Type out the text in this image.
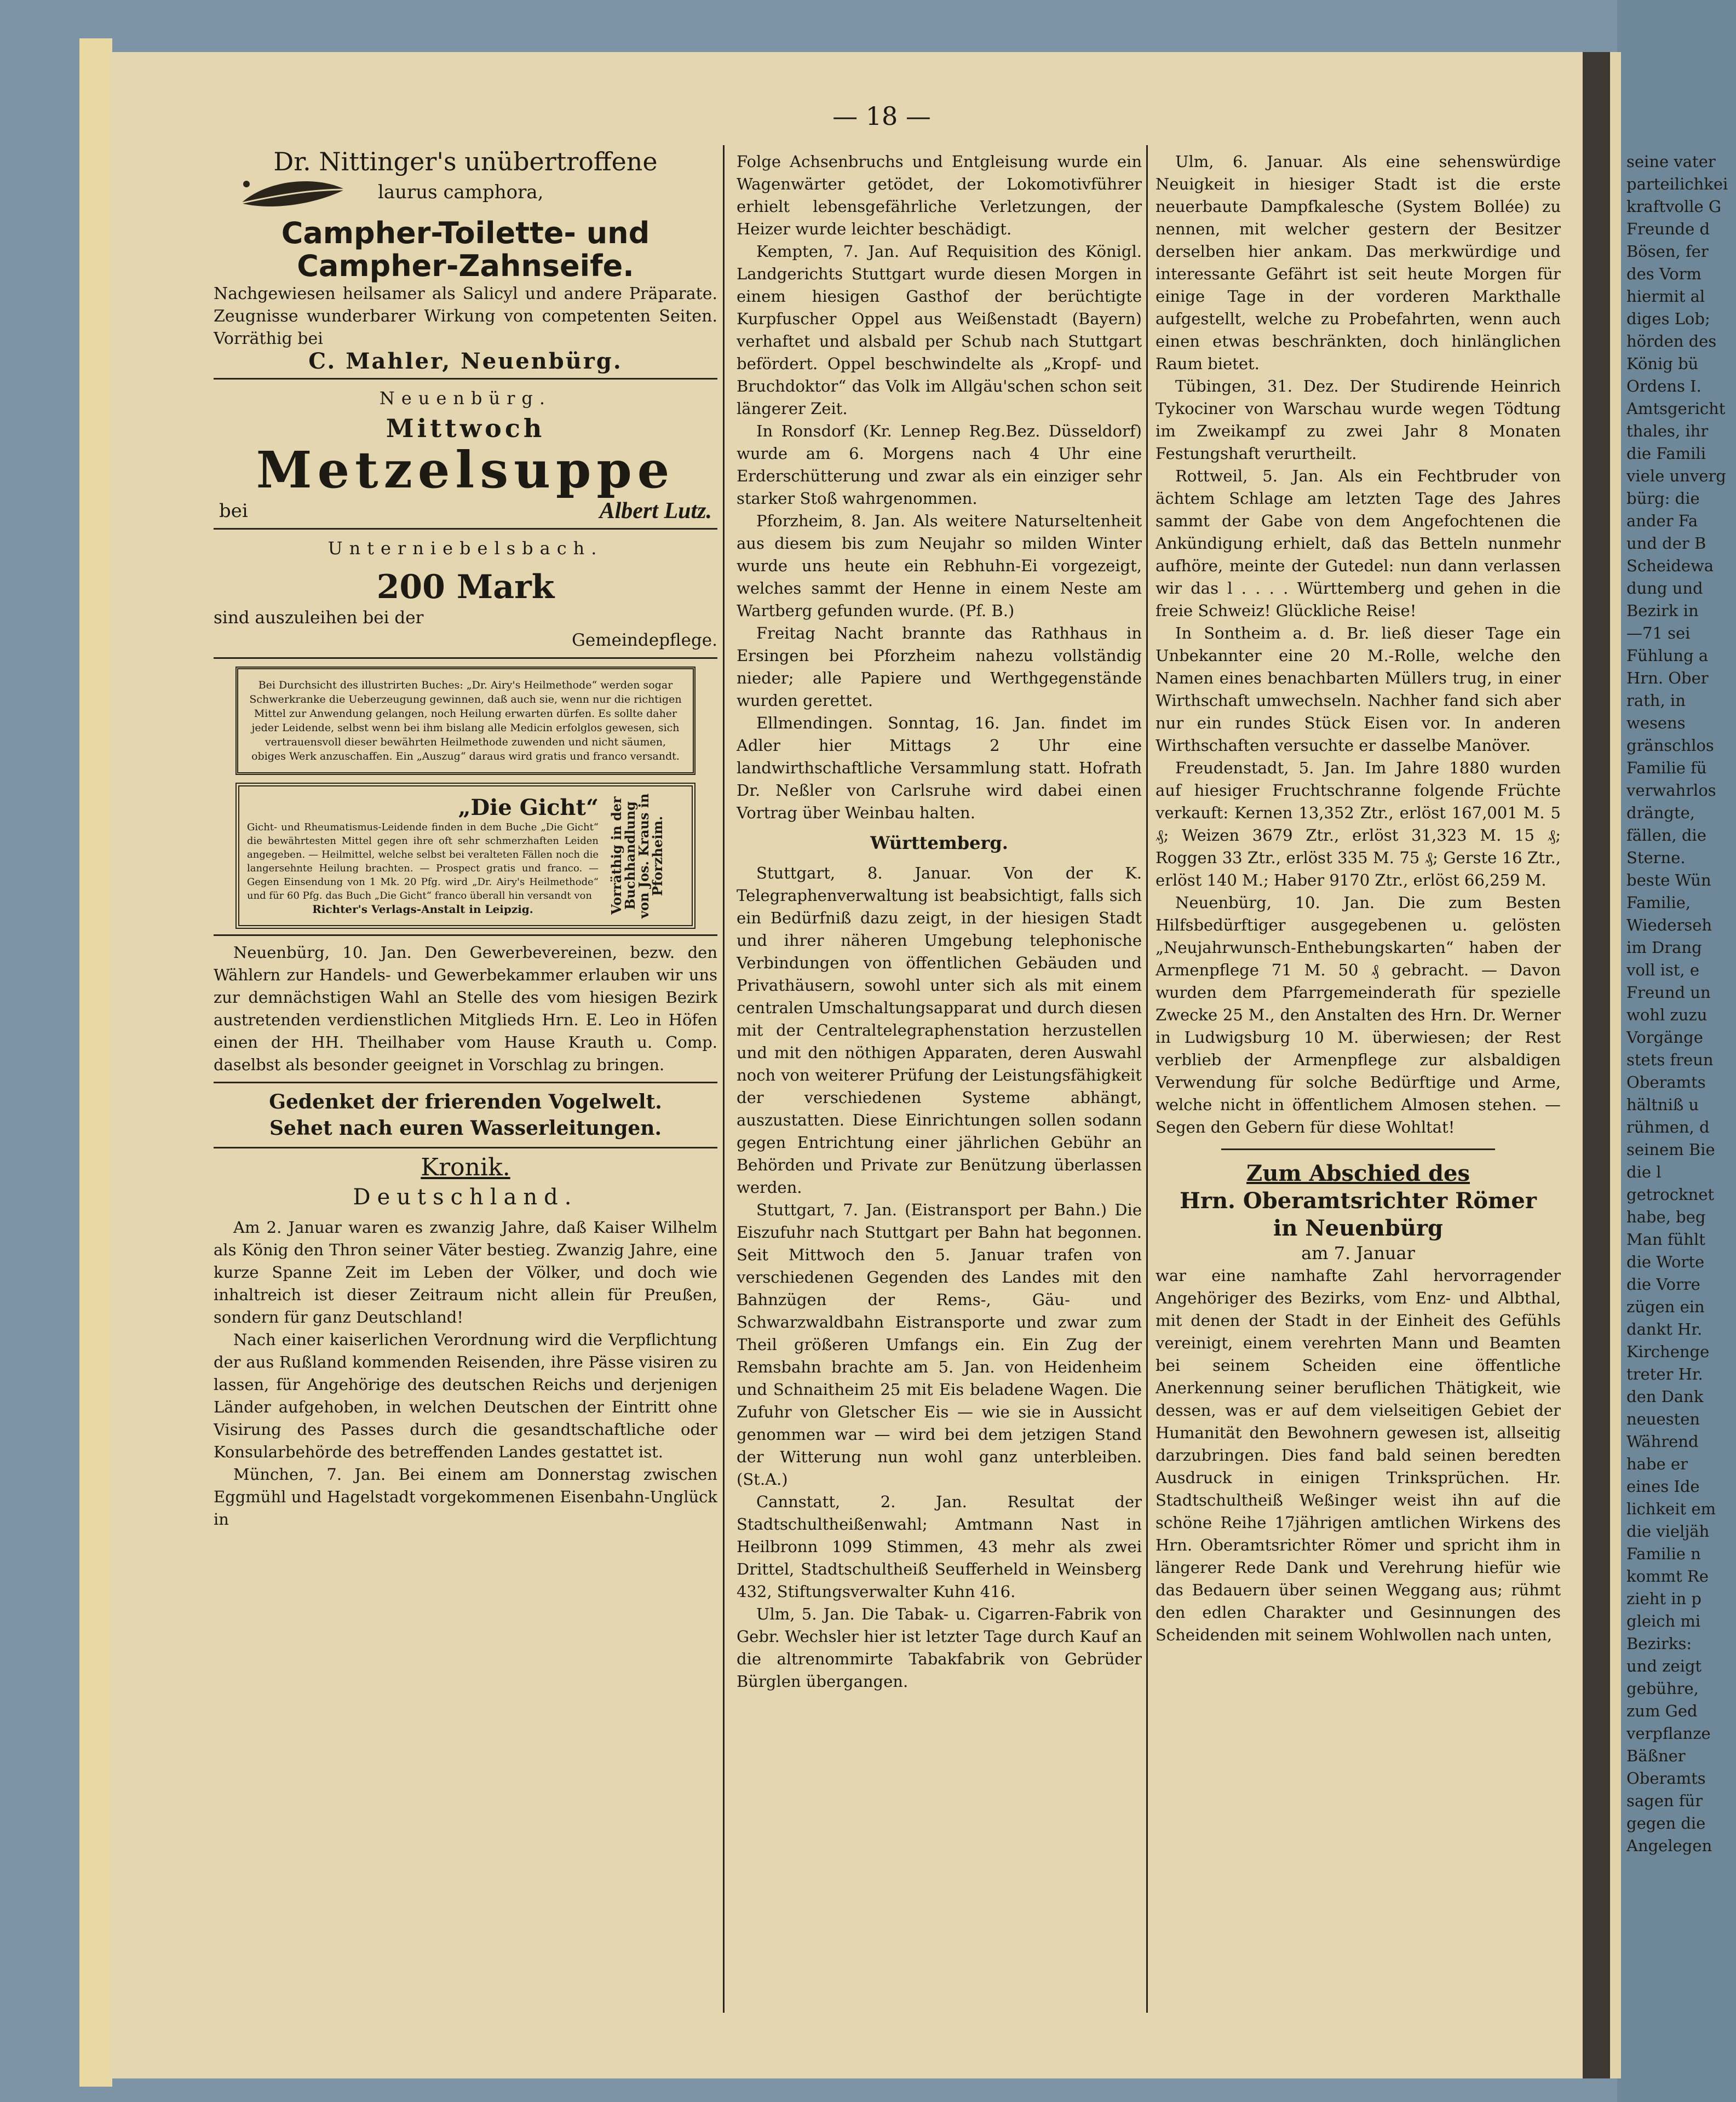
— 18 —
Dr. Nittinger's unübertroffene
laurus camphora,
Campher-Toilette- und
Campher-Zahnseife.

Nachgewiesen heilsamer als Salicyl und andere Präparate. Zeugnisse wunderbarer Wirkung von competenten Seiten. Vorräthig bei

C. Mahler, Neuenbürg.
Neuenbürg.
Mittwoch
Metzelsuppe
bei	Albert Lutz.
Unterniebelsbach.
200 Mark
sind auszuleihen bei der
Gemeindepflege.
Bei Durchsicht des illustrirten Buches: „Dr. Airy's Heilmethode“ werden sogar Schwerkranke die Ueberzeugung gewinnen, daß auch sie, wenn nur die richtigen Mittel zur Anwendung gelangen, noch Heilung erwarten dürfen. Es sollte daher jeder Leidende, selbst wenn bei ihm bislang alle Medicin erfolglos gewesen, sich vertrauensvoll dieser bewährten Heilmethode zuwenden und nicht säumen, obiges Werk anzuschaffen. Ein „Auszug“ daraus wird gratis und franco versandt.
„Die Gicht“
Gicht- und Rheumatismus-Leidende finden in dem Buche „Die Gicht“ die bewährtesten Mittel gegen ihre oft sehr schmerzhaften Leiden angegeben. — Heilmittel, welche selbst bei veralteten Fällen noch die langersehnte Heilung brachten. — Prospect gratis und franco. — Gegen Einsendung von 1 Mk. 20 Pfg. wird „Dr. Airy's Heilmethode“ und für 60 Pfg. das Buch „Die Gicht“ franco überall hin versandt von
Richter's Verlags-Anstalt in Leipzig.	Vorräthig in der Buchhandlung von Jos. Kraus in Pforzheim.

Neuenbürg, 10. Jan. Den Gewerbevereinen, bezw. den Wählern zur Handels- und Gewerbekammer erlauben wir uns zur demnächstigen Wahl an Stelle des vom hiesigen Bezirk austretenden verdienstlichen Mitglieds Hrn. E. Leo in Höfen einen der HH. Theilhaber vom Hause Krauth u. Comp. daselbst als besonder geeignet in Vorschlag zu bringen.

Gedenket der frierenden Vogelwelt.
Sehet nach euren Wasserleitungen.
Kronik.
Deutschland.

Am 2. Januar waren es zwanzig Jahre, daß Kaiser Wilhelm als König den Thron seiner Väter bestieg. Zwanzig Jahre, eine kurze Spanne Zeit im Leben der Völker, und doch wie inhaltreich ist dieser Zeitraum nicht allein für Preußen, sondern für ganz Deutschland!

Nach einer kaiserlichen Verordnung wird die Verpflichtung der aus Rußland kommenden Reisenden, ihre Pässe visiren zu lassen, für Angehörige des deutschen Reichs und derjenigen Länder aufgehoben, in welchen Deutschen der Eintritt ohne Visirung des Passes durch die gesandtschaftliche oder Konsularbehörde des betreffenden Landes gestattet ist.

München, 7. Jan. Bei einem am Donnerstag zwischen Eggmühl und Hagelstadt vorgekommenen Eisenbahn-Unglück in

Folge Achsenbruchs und Entgleisung wurde ein Wagenwärter getödet, der Lokomotivführer erhielt lebensgefährliche Verletzungen, der Heizer wurde leichter beschädigt.

Kempten, 7. Jan. Auf Requisition des Königl. Landgerichts Stuttgart wurde diesen Morgen in einem hiesigen Gasthof der berüchtigte Kurpfuscher Oppel aus Weißenstadt (Bayern) verhaftet und alsbald per Schub nach Stuttgart befördert. Oppel beschwindelte als „Kropf- und Bruchdoktor“ das Volk im Allgäu'schen schon seit längerer Zeit.

In Ronsdorf (Kr. Lennep Reg.Bez. Düsseldorf) wurde am 6. Morgens nach 4 Uhr eine Erderschütterung und zwar als ein einziger sehr starker Stoß wahrgenommen.

Pforzheim, 8. Jan. Als weitere Naturseltenheit aus diesem bis zum Neujahr so milden Winter wurde uns heute ein Rebhuhn-Ei vorgezeigt, welches sammt der Henne in einem Neste am Wartberg gefunden wurde. (Pf. B.)

Freitag Nacht brannte das Rathhaus in Ersingen bei Pforzheim nahezu vollständig nieder; alle Papiere und Werthgegenstände wurden gerettet.

Ellmendingen. Sonntag, 16. Jan. findet im Adler hier Mittags 2 Uhr eine landwirthschaftliche Versammlung statt. Hofrath Dr. Neßler von Carlsruhe wird dabei einen Vortrag über Weinbau halten.

Württemberg.

Stuttgart, 8. Januar. Von der K. Telegraphenverwaltung ist beabsichtigt, falls sich ein Bedürfniß dazu zeigt, in der hiesigen Stadt und ihrer näheren Umgebung telephonische Verbindungen von öffentlichen Gebäuden und Privathäusern, sowohl unter sich als mit einem centralen Umschaltungsapparat und durch diesen mit der Centraltelegraphenstation herzustellen und mit den nöthigen Apparaten, deren Auswahl noch von weiterer Prüfung der Leistungsfähigkeit der verschiedenen Systeme abhängt, auszustatten. Diese Einrichtungen sollen sodann gegen Entrichtung einer jährlichen Gebühr an Behörden und Private zur Benützung überlassen werden.

Stuttgart, 7. Jan. (Eistransport per Bahn.) Die Eiszufuhr nach Stuttgart per Bahn hat begonnen. Seit Mittwoch den 5. Januar trafen von verschiedenen Gegenden des Landes mit den Bahnzügen der Rems-, Gäu- und Schwarzwaldbahn Eistransporte und zwar zum Theil größeren Umfangs ein. Ein Zug der Remsbahn brachte am 5. Jan. von Heidenheim und Schnaitheim 25 mit Eis beladene Wagen. Die Zufuhr von Gletscher Eis — wie sie in Aussicht genommen war — wird bei dem jetzigen Stand der Witterung nun wohl ganz unterbleiben. (St.A.)

Cannstatt, 2. Jan. Resultat der Stadtschultheißenwahl; Amtmann Nast in Heilbronn 1099 Stimmen, 43 mehr als zwei Drittel, Stadtschultheiß Seufferheld in Weinsberg 432, Stiftungsverwalter Kuhn 416.

Ulm, 5. Jan. Die Tabak- u. Cigarren-Fabrik von Gebr. Wechsler hier ist letzter Tage durch Kauf an die altrenommirte Tabakfabrik von Gebrüder Bürglen übergangen.

Ulm, 6. Januar. Als eine sehenswürdige Neuigkeit in hiesiger Stadt ist die erste neuerbaute Dampfkalesche (System Bollée) zu nennen, mit welcher gestern der Besitzer derselben hier ankam. Das merkwürdige und interessante Gefährt ist seit heute Morgen für einige Tage in der vorderen Markthalle aufgestellt, welche zu Probefahrten, wenn auch einen etwas beschränkten, doch hinlänglichen Raum bietet.

Tübingen, 31. Dez. Der Studirende Heinrich Tykociner von Warschau wurde wegen Tödtung im Zweikampf zu zwei Jahr 8 Monaten Festungshaft verurtheilt.

Rottweil, 5. Jan. Als ein Fechtbruder von ächtem Schlage am letzten Tage des Jahres sammt der Gabe von dem Angefochtenen die Ankündigung erhielt, daß das Betteln nunmehr aufhöre, meinte der Gutedel: nun dann verlassen wir das l . . . . Württemberg und gehen in die freie Schweiz! Glückliche Reise!

In Sontheim a. d. Br. ließ dieser Tage ein Unbekannter eine 20 M.-Rolle, welche den Namen eines benachbarten Müllers trug, in einer Wirthschaft umwechseln. Nachher fand sich aber nur ein rundes Stück Eisen vor. In anderen Wirthschaften versuchte er dasselbe Manöver.

Freudenstadt, 5. Jan. Im Jahre 1880 wurden auf hiesiger Fruchtschranne folgende Früchte verkauft: Kernen 13,352 Ztr., erlöst 167,001 M. 5 ₰; Weizen 3679 Ztr., erlöst 31,323 M. 15 ₰; Roggen 33 Ztr., erlöst 335 M. 75 ₰; Gerste 16 Ztr., erlöst 140 M.; Haber 9170 Ztr., erlöst 66,259 M.

Neuenbürg, 10. Jan. Die zum Besten Hilfsbedürftiger ausgegebenen u. gelösten „Neujahrwunsch-Enthebungskarten“ haben der Armenpflege 71 M. 50 ₰ gebracht. — Davon wurden dem Pfarrgemeinderath für spezielle Zwecke 25 M., den Anstalten des Hrn. Dr. Werner in Ludwigsburg 10 M. überwiesen; der Rest verblieb der Armenpflege zur alsbaldigen Verwendung für solche Bedürftige und Arme, welche nicht in öffentlichem Almosen stehen. — Segen den Gebern für diese Wohltat!

Zum Abschied des
Hrn. Oberamtsrichter Römer
in Neuenbürg
am 7. Januar

war eine namhafte Zahl hervorragender Angehöriger des Bezirks, vom Enz- und Albthal, mit denen der Stadt in der Einheit des Gefühls vereinigt, einem verehrten Mann und Beamten bei seinem Scheiden eine öffentliche Anerkennung seiner beruflichen Thätigkeit, wie dessen, was er auf dem vielseitigen Gebiet der Humanität den Bewohnern gewesen ist, allseitig darzubringen. Dies fand bald seinen beredten Ausdruck in einigen Trinksprüchen. Hr. Stadtschultheiß Weßinger weist ihn auf die schöne Reihe 17jährigen amtlichen Wirkens des Hrn. Oberamtsrichter Römer und spricht ihm in längerer Rede Dank und Verehrung hiefür wie das Bedauern über seinen Weggang aus; rühmt den edlen Charakter und Gesinnungen des Scheidenden mit seinem Wohlwollen nach unten,

seine vater
parteilichkei
kraftvolle G
Freunde d
Bösen, fer
des Vorm
hiermit al
diges Lob;
hörden des
König bü
Ordens I.
Amtsgericht
thales, ihr
die Famili
viele unverg
bürg: die
ander Fa
und der B
Scheidewa
dung und
Bezirk in
—71 sei
Fühlung a
Hrn. Ober
rath, in
wesens
gränschlos
Familie fü
verwahrlos
drängte,
fällen, die
Sterne.
beste Wün
Familie,
Wiederseh
im Drang
voll ist, e
Freund un
wohl zuzu
Vorgänge
stets freun
Oberamts
hältniß u
rühmen, d
seinem Bie
die l
getrocknet
habe, beg
Man fühlt
die Worte
die Vorre
zügen ein
dankt Hr.
Kirchenge
treter Hr.
den Dank
neuesten
Während
habe er
eines Ide
lichkeit em
die vieljäh
Familie n
kommt Re
zieht in p
gleich mi
Bezirks:
und zeigt
gebühre,
zum Ged
verpflanze
Bäßner
Oberamts
sagen für
gegen die
Angelegen
